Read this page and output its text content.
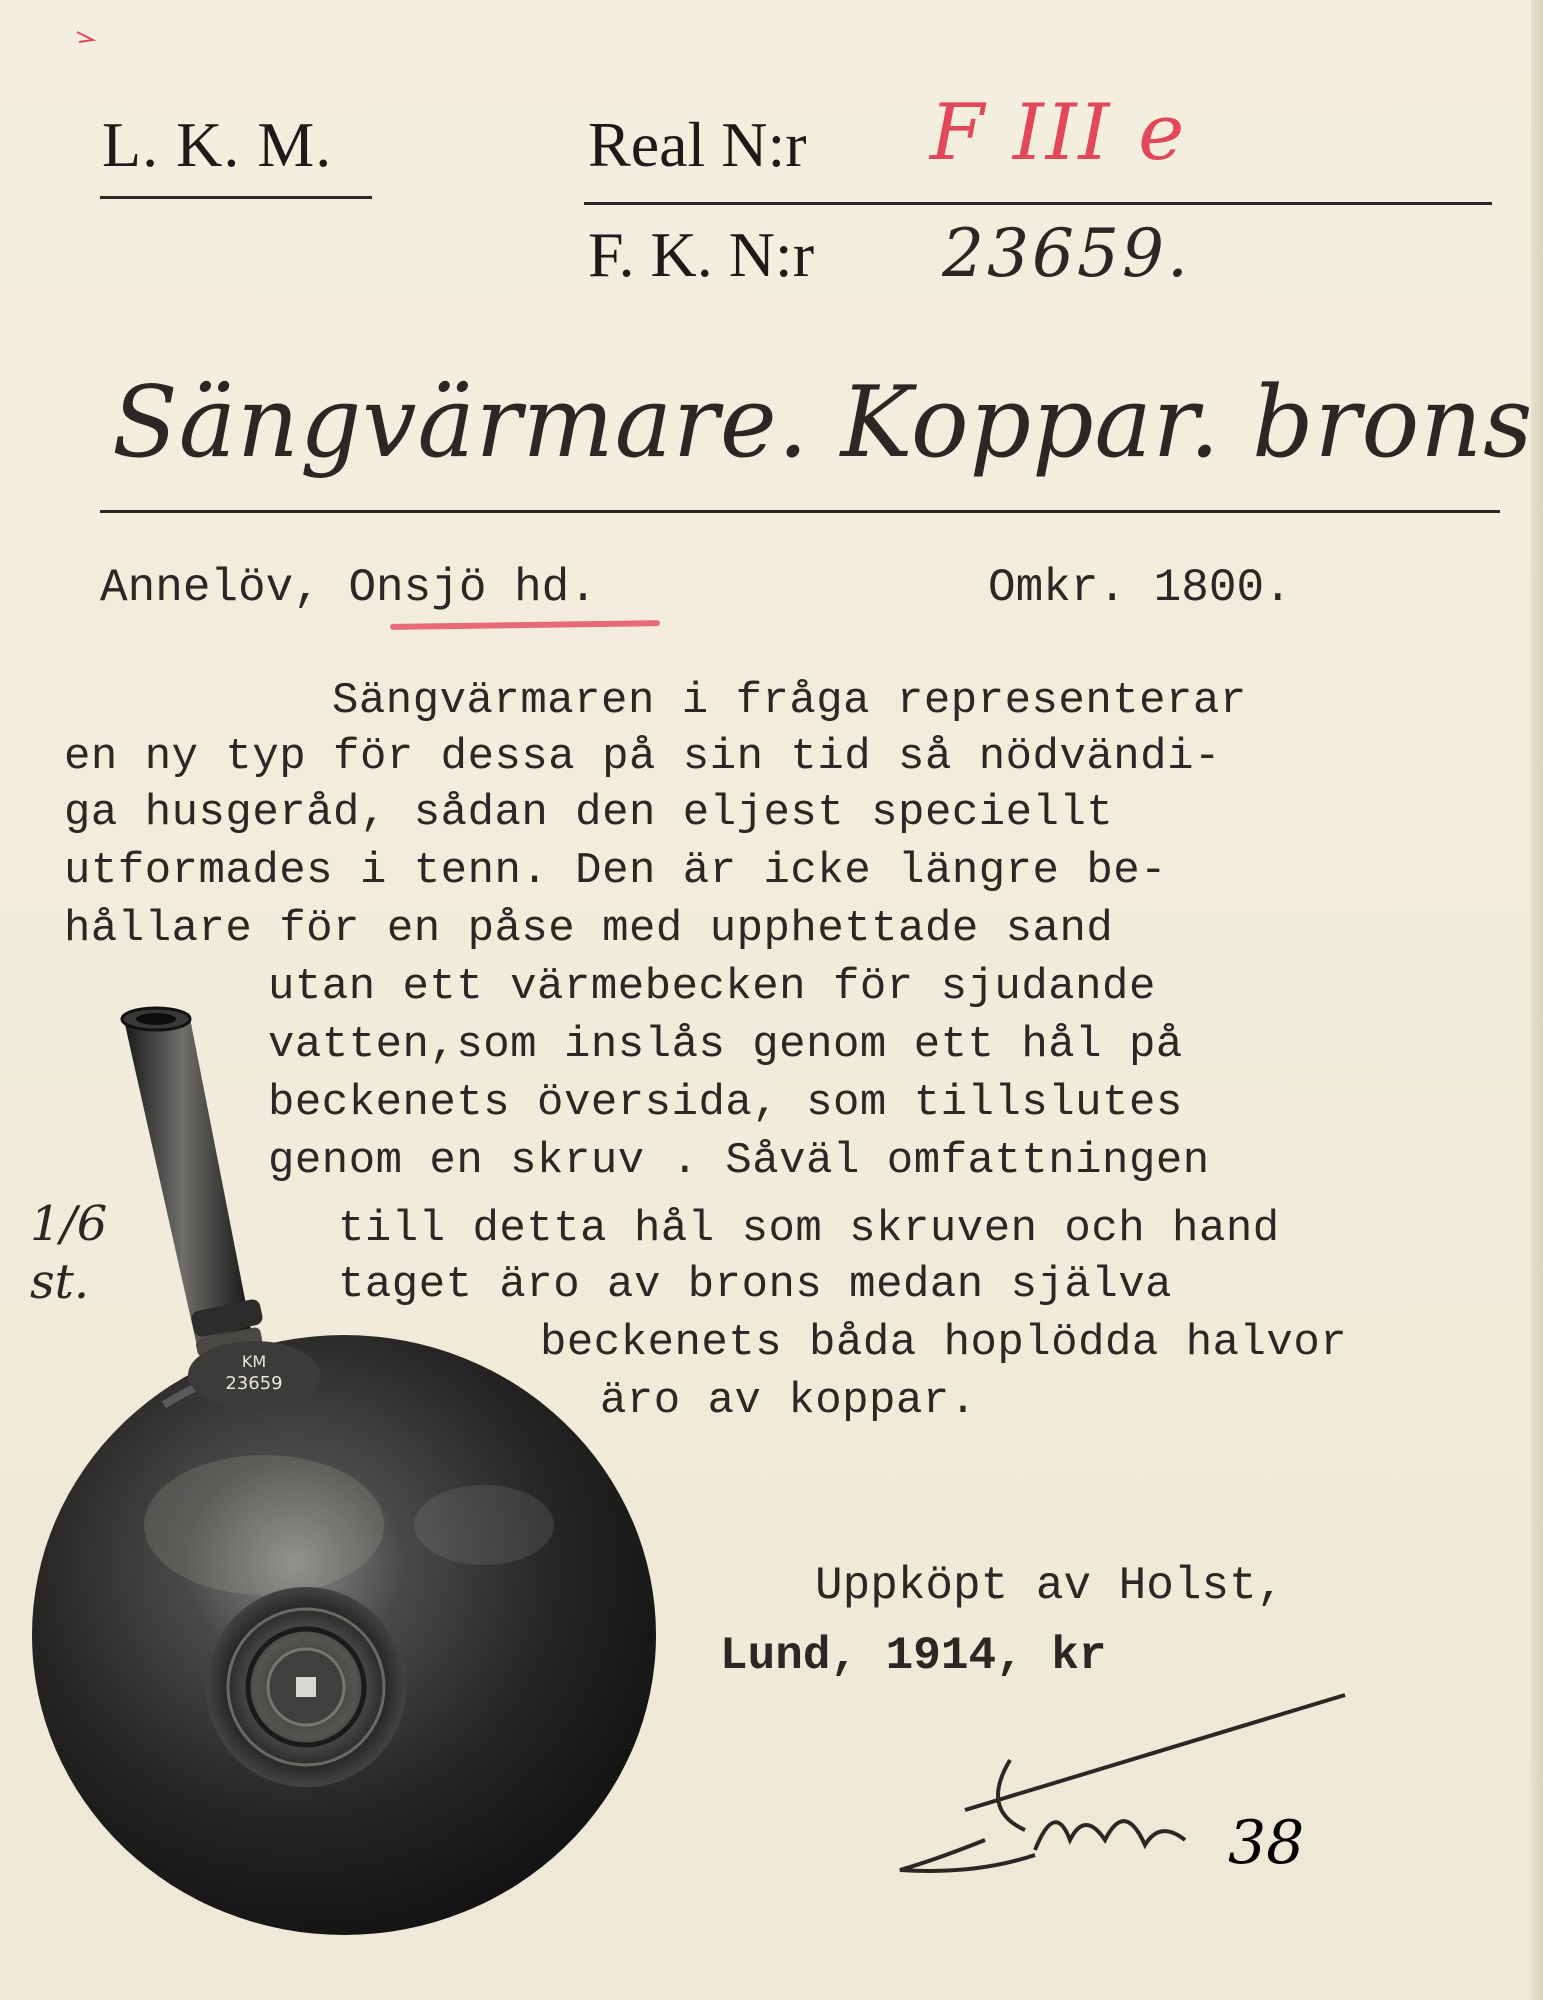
L. K. M.	Real N:r F III e
F. K. N:r 23659.
Sängvärmare. Koppar. brons
Annelöv, Onsjö hd.	Omkr. 1800.
Sängvärmaren i fråga representerar
en ny typ för dessa på sin tid så nödvändi-
ga husgeråd, sådan den eljest speciellt
utformades i tenn. Den är icke längre be-
hållare för en påse med upphettade sand
utan ett värmebecken för sjudande
vatten,som inslås genom ett hål på
beckenets översida, som tillslutes
genom en skruv . Såväl omfattningen
till detta hål som skruven och hand
taget äro av brons medan själva
beckenets båda hoplödda halvor
äro av koppar.
1/6
st.
KM
23659
Uppköpt av Holst,
Lund, 1914, kr
38
